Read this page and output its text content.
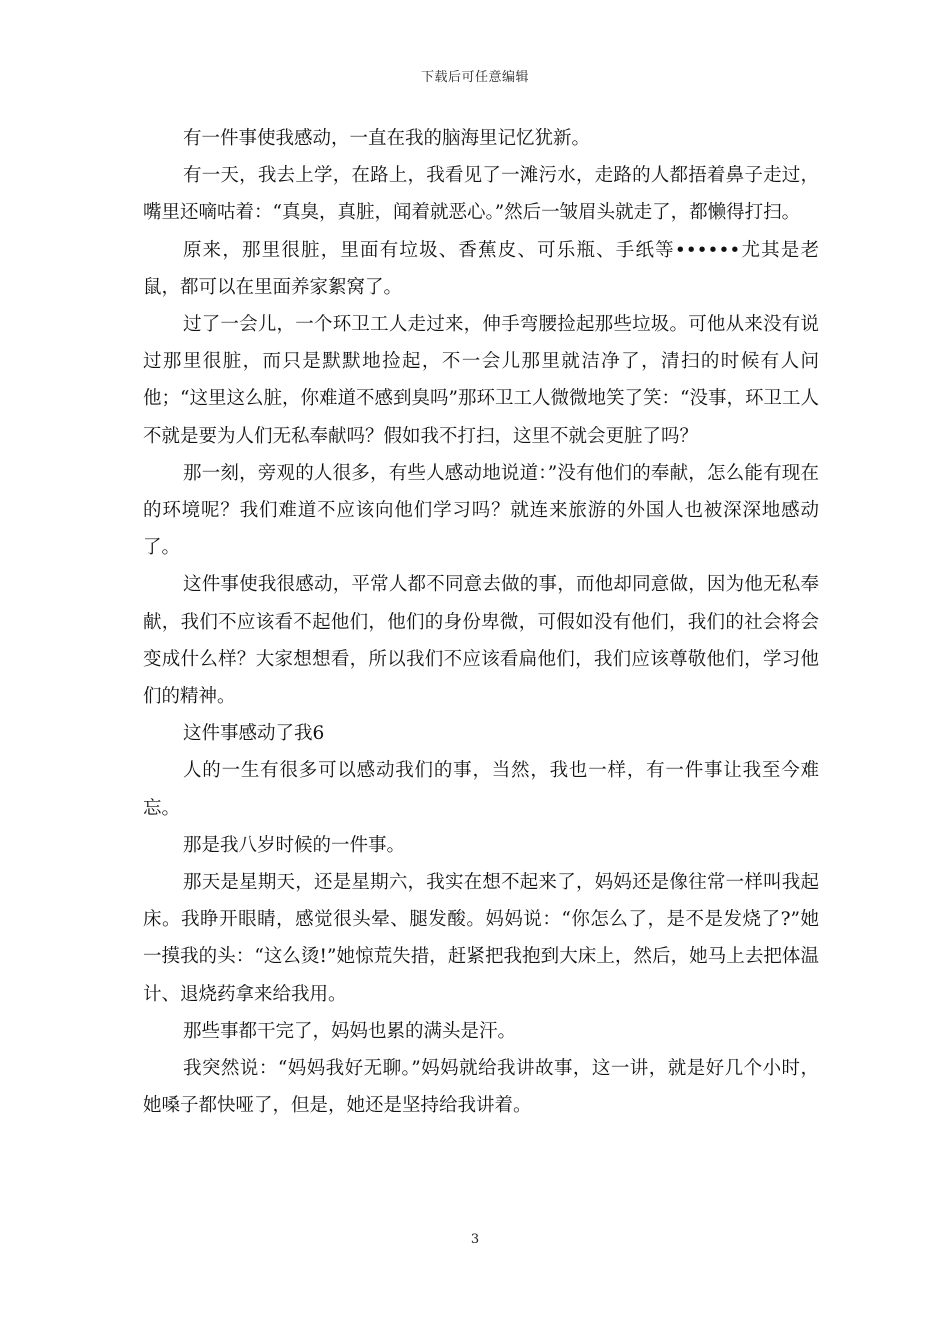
下载后可任意编辑

有一件事使我感动，一直在我的脑海里记忆犹新。

有一天，我去上学，在路上，我看见了一滩污水，走路的人都捂着鼻子走过，嘴里还嘀咕着：“真臭，真脏，闻着就恶心。”然后一皱眉头就走了，都懒得打扫。

原来，那里很脏，里面有垃圾、香蕉皮、可乐瓶、手纸等••••••尤其是老鼠，都可以在里面养家絮窝了。

过了一会儿，一个环卫工人走过来，伸手弯腰捡起那些垃圾。可他从来没有说过那里很脏，而只是默默地捡起，不一会儿那里就洁净了，清扫的时候有人问他；“这里这么脏，你难道不感到臭吗”那环卫工人微微地笑了笑：“没事，环卫工人不就是要为人们无私奉献吗？假如我不打扫，这里不就会更脏了吗？

那一刻，旁观的人很多，有些人感动地说道：”没有他们的奉献，怎么能有现在的环境呢？我们难道不应该向他们学习吗？就连来旅游的外国人也被深深地感动了。

这件事使我很感动，平常人都不同意去做的事，而他却同意做，因为他无私奉献，我们不应该看不起他们，他们的身份卑微，可假如没有他们，我们的社会将会变成什么样？大家想想看，所以我们不应该看扁他们，我们应该尊敬他们，学习他们的精神。

这件事感动了我6

人的一生有很多可以感动我们的事，当然，我也一样，有一件事让我至今难忘。

那是我八岁时候的一件事。

那天是星期天，还是星期六，我实在想不起来了，妈妈还是像往常一样叫我起床。我睁开眼睛，感觉很头晕、腿发酸。妈妈说：“你怎么了，是不是发烧了?”她一摸我的头：“这么烫!”她惊荒失措，赶紧把我抱到大床上，然后，她马上去把体温计、退烧药拿来给我用。

那些事都干完了，妈妈也累的满头是汗。

我突然说：“妈妈我好无聊。”妈妈就给我讲故事，这一讲，就是好几个小时，她嗓子都快哑了，但是，她还是坚持给我讲着。

3
